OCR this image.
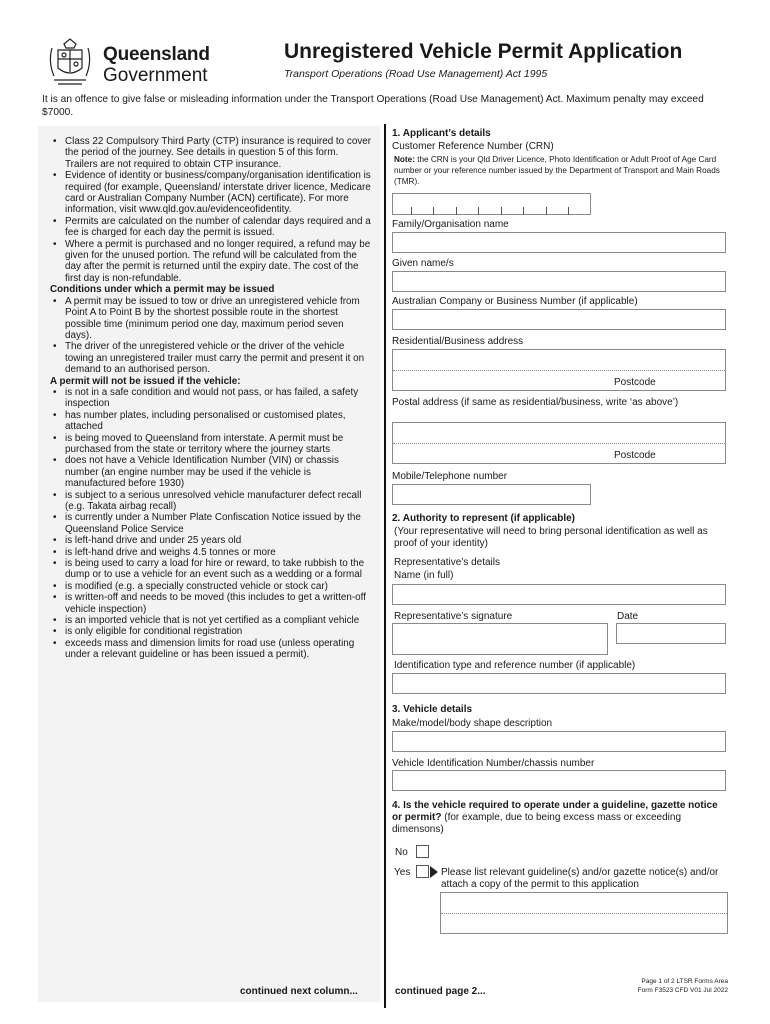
Queensland
Government
Unregistered Vehicle Permit Application
Transport Operations (Road Use Management) Act 1995
It is an offence to give false or misleading information under the Transport Operations (Road Use Management) Act. Maximum penalty may exceed $7000.
• Class 22 Compulsory Third Party (CTP) insurance is required to cover the period of the journey. See details in question 5 of this form. Trailers are not required to obtain CTP insurance.
• Evidence of identity or business/company/organisation identification is required (for example, Queensland/ interstate driver licence, Medicare card or Australian Company Number (ACN) certificate). For more information, visit www.qld.gov.au/evidenceofidentity.
• Permits are calculated on the number of calendar days required and a fee is charged for each day the permit is issued.
• Where a permit is purchased and no longer required, a refund may be given for the unused portion. The refund will be calculated from the day after the permit is returned until the expiry date. The cost of the first day is non-refundable.
Conditions under which a permit may be issued
• A permit may be issued to tow or drive an unregistered vehicle from Point A to Point B by the shortest possible route in the shortest possible time (minimum period one day, maximum period seven days).
• The driver of the unregistered vehicle or the driver of the vehicle towing an unregistered trailer must carry the permit and present it on demand to an authorised person.
A permit will not be issued if the vehicle:
• is not in a safe condition and would not pass, or has failed, a safety inspection
• has number plates, including personalised or customised plates, attached
• is being moved to Queensland from interstate. A permit must be purchased from the state or territory where the journey starts
• does not have a Vehicle Identification Number (VIN) or chassis number (an engine number may be used if the vehicle is manufactured before 1930)
• is subject to a serious unresolved vehicle manufacturer defect recall (e.g. Takata airbag recall)
• is currently under a Number Plate Confiscation Notice issued by the Queensland Police Service
• is left-hand drive and under 25 years old
• is left-hand drive and weighs 4.5 tonnes or more
• is being used to carry a load for hire or reward, to take rubbish to the dump or to use a vehicle for an event such as a wedding or a formal
• is modified (e.g. a specially constructed vehicle or stock car)
• is written-off and needs to be moved (this includes to get a written-off vehicle inspection)
• is an imported vehicle that is not yet certified as a compliant vehicle
• is only eligible for conditional registration
• exceeds mass and dimension limits for road use (unless operating under a relevant guideline or has been issued a permit).
continued next column...
1. Applicant’s details
Customer Reference Number (CRN)
Note: the CRN is your Qld Driver Licence, Photo Identification or Adult Proof of Age Card number or your reference number issued by the Department of Transport and Main Roads (TMR).
Family/Organisation name
Given name/s
Australian Company or Business Number (if applicable)
Residential/Business address
Postcode
Postal address (if same as residential/business, write ‘as above’)
Postcode
Mobile/Telephone number
2. Authority to represent (if applicable)
(Your representative will need to bring personal identification as well as proof of your identity)
Representative’s details
Name (in full)
Representative’s signature	Date
Identification type and reference number (if applicable)
3. Vehicle details
Make/model/body shape description
Vehicle Identification Number/chassis number
4. Is the vehicle required to operate under a guideline, gazette notice or permit? (for example, due to being excess mass or exceeding dimensons)
No
Yes	Please list relevant guideline(s) and/or gazette notice(s) and/or attach a copy of the permit to this application
continued page 2...
Page 1 of 2 LTSR Forms Area
Form F3523 CFD V01 Jul 2022
